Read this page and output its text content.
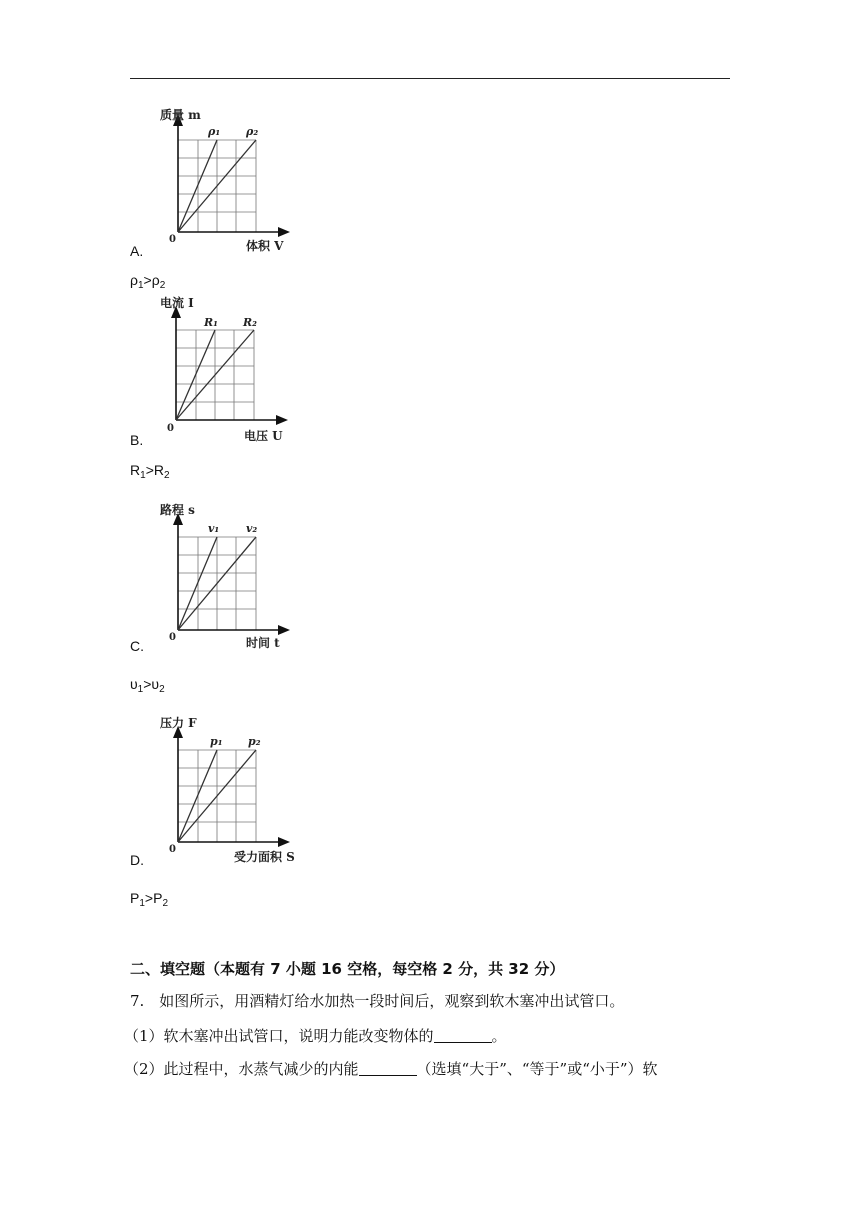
质量 m
体积 V
0
ρ₁ ρ₂
A.
$\rho_1>\rho_2$
电流 I
电压 U
0
R₁ R₂
B.
$R_1>R_2$
路程 s
时间 t
0
v₁ v₂
C.
$\upsilon_1>\upsilon_2$
压力 F
受力面积 S
0
p₁ p₂
D.
$P_1>P_2$
二、填空题（本题有 7 小题 16 空格，每空格 2 分，共 32 分）
7.　如图所示，用酒精灯给水加热一段时间后，观察到软木塞冲出试管口。
（1）软木塞冲出试管口，说明力能改变物体的	。
（2）此过程中，水蒸气减少的内能	（选填“大于”、“等于”或“小于”）软
